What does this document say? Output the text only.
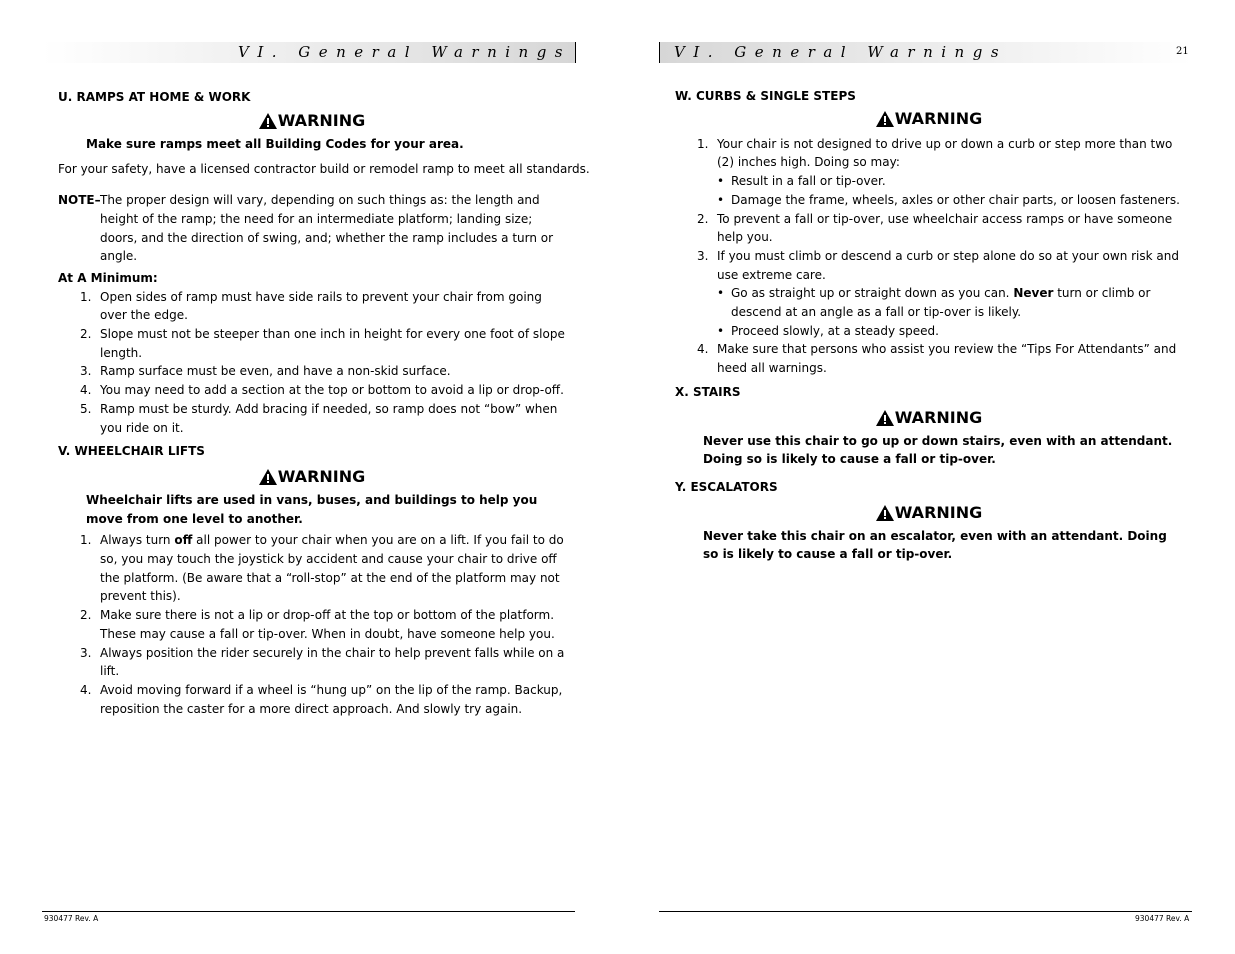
VI. General Warnings
U. RAMPS AT HOME & WORK
WARNING
Make sure ramps meet all Building Codes for your area.
For your safety, have a licensed contractor build or remodel ramp to meet all standards.
NOTE– The proper design will vary, depending on such things as: the length and height of the ramp; the need for an intermediate platform; landing size; doors, and the direction of swing, and; whether the ramp includes a turn or angle.
At A Minimum:
1. Open sides of ramp must have side rails to prevent your chair from going over the edge.
2. Slope must not be steeper than one inch in height for every one foot of slope length.
3. Ramp surface must be even, and have a non-skid surface.
4. You may need to add a section at the top or bottom to avoid a lip or drop-off.
5. Ramp must be sturdy. Add bracing if needed, so ramp does not “bow” when you ride on it.
V. WHEELCHAIR LIFTS
WARNING
Wheelchair lifts are used in vans, buses, and buildings to help you move from one level to another.
1. Always turn off all power to your chair when you are on a lift. If you fail to do so, you may touch the joystick by accident and cause your chair to drive off the platform. (Be aware that a “roll-stop” at the end of the platform may not prevent this).
2. Make sure there is not a lip or drop-off at the top or bottom of the platform. These may cause a fall or tip-over. When in doubt, have someone help you.
3. Always position the rider securely in the chair to help prevent falls while on a lift.
4. Avoid moving forward if a wheel is “hung up” on the lip of the ramp. Backup, reposition the caster for a more direct approach. And slowly try again.
930477 Rev. A
VI. General Warnings	21
W. CURBS & SINGLE STEPS
WARNING
1. Your chair is not designed to drive up or down a curb or step more than two (2) inches high. Doing so may:
• Result in a fall or tip-over.
• Damage the frame, wheels, axles or other chair parts, or loosen fasteners.
2. To prevent a fall or tip-over, use wheelchair access ramps or have someone help you.
3. If you must climb or descend a curb or step alone do so at your own risk and use extreme care.
• Go as straight up or straight down as you can. Never turn or climb or descend at an angle as a fall or tip-over is likely.
• Proceed slowly, at a steady speed.
4. Make sure that persons who assist you review the “Tips For Attendants” and heed all warnings.
X. STAIRS
WARNING
Never use this chair to go up or down stairs, even with an attendant. Doing so is likely to cause a fall or tip-over.
Y. ESCALATORS
WARNING
Never take this chair on an escalator, even with an attendant. Doing so is likely to cause a fall or tip-over.
930477 Rev. A
